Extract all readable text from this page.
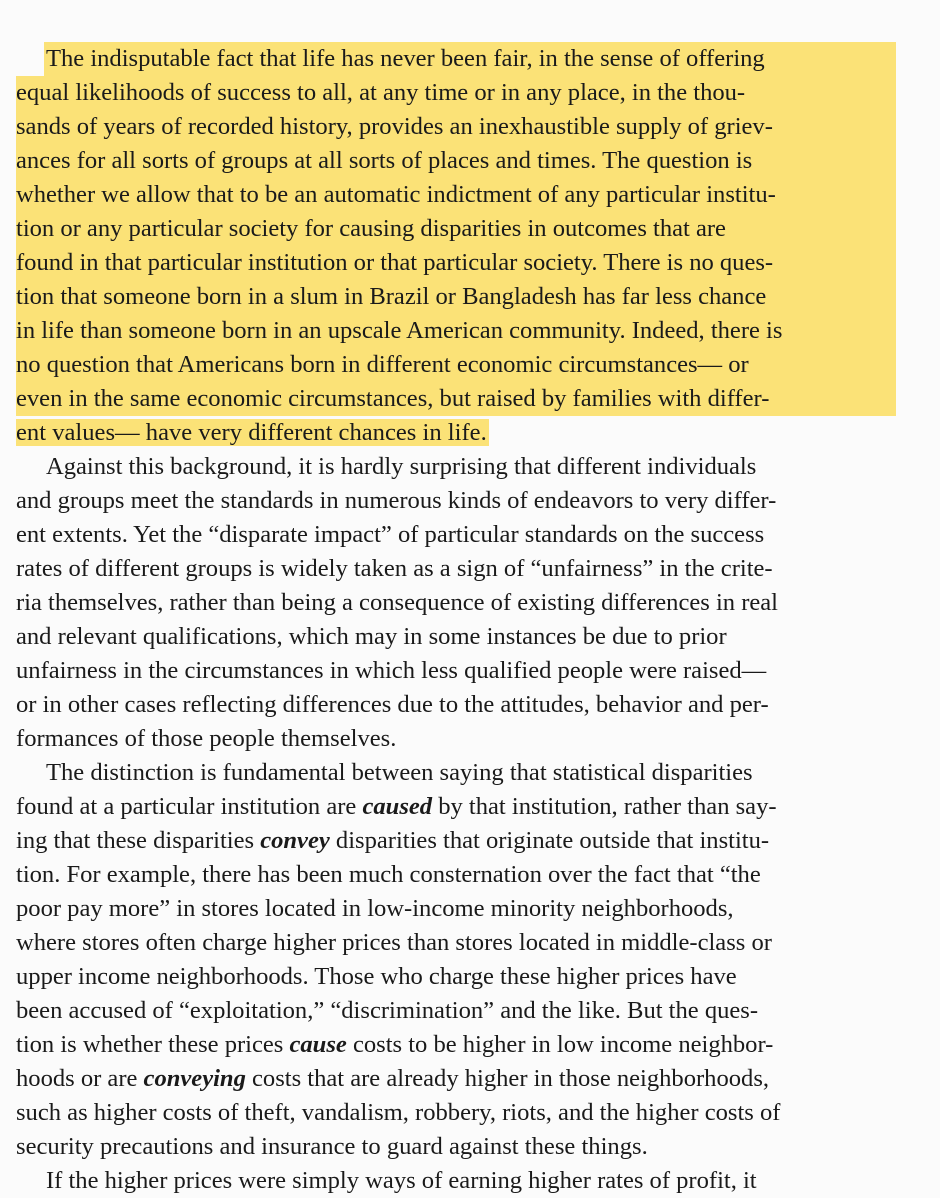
The indisputable fact that life has never been fair, in the sense of offering
equal likelihoods of success to all, at any time or in any place, in the thou-
sands of years of recorded history, provides an inexhaustible supply of griev-
ances for all sorts of groups at all sorts of places and times. The question is
whether we allow that to be an automatic indictment of any particular institu-
tion or any particular society for causing disparities in outcomes that are
found in that particular institution or that particular society. There is no ques-
tion that someone born in a slum in Brazil or Bangladesh has far less chance
in life than someone born in an upscale American community. Indeed, there is
no question that Americans born in different economic circumstances— or
even in the same economic circumstances, but raised by families with differ-
ent values— have very different chances in life.
Against this background, it is hardly surprising that different individuals
and groups meet the standards in numerous kinds of endeavors to very differ-
ent extents. Yet the “disparate impact” of particular standards on the success
rates of different groups is widely taken as a sign of “unfairness” in the crite-
ria themselves, rather than being a consequence of existing differences in real
and relevant qualifications, which may in some instances be due to prior
unfairness in the circumstances in which less qualified people were raised—
or in other cases reflecting differences due to the attitudes, behavior and per-
formances of those people themselves.
The distinction is fundamental between saying that statistical disparities
found at a particular institution are caused by that institution, rather than say-
ing that these disparities convey disparities that originate outside that institu-
tion. For example, there has been much consternation over the fact that “the
poor pay more” in stores located in low-income minority neighborhoods,
where stores often charge higher prices than stores located in middle-class or
upper income neighborhoods. Those who charge these higher prices have
been accused of “exploitation,” “discrimination” and the like. But the ques-
tion is whether these prices cause costs to be higher in low income neighbor-
hoods or are conveying costs that are already higher in those neighborhoods,
such as higher costs of theft, vandalism, robbery, riots, and the higher costs of
security precautions and insurance to guard against these things.
If the higher prices were simply ways of earning higher rates of profit, it
